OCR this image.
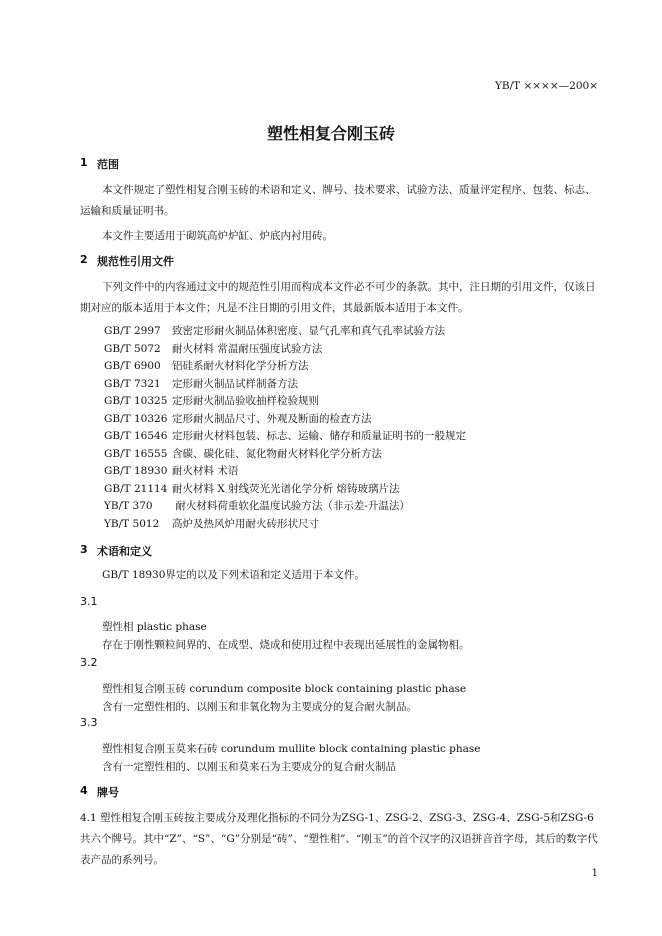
YB/T ××××—200×
塑性相复合刚玉砖
1 范围
本文件规定了塑性相复合刚玉砖的术语和定义、牌号、技术要求、试验方法、质量评定程序、包装、标志、运输和质量证明书。
本文件主要适用于砌筑高炉炉缸、炉底内衬用砖。
2 规范性引用文件
下列文件中的内容通过文中的规范性引用而构成本文件必不可少的条款。其中，注日期的引用文件，仅该日期对应的版本适用于本文件；凡是不注日期的引用文件，其最新版本适用于本文件。
GB/T 2997 致密定形耐火制品体积密度、显气孔率和真气孔率试验方法
GB/T 5072 耐火材料 常温耐压强度试验方法
GB/T 6900 铝硅系耐火材料化学分析方法
GB/T 7321 定形耐火制品试样制备方法
GB/T 10325 定形耐火制品验收抽样检验规则
GB/T 10326 定形耐火制品尺寸、外观及断面的检查方法
GB/T 16546 定形耐火材料包装、标志、运输、储存和质量证明书的一般规定
GB/T 16555 含碳、碳化硅、氮化物耐火材料化学分析方法
GB/T 18930 耐火材料 术语
GB/T 21114 耐火材料 X 射线荧光光谱化学分析 熔铸玻璃片法
YB/T 370 耐火材料荷重软化温度试验方法（非示差-升温法）
YB/T 5012 高炉及热风炉用耐火砖形状尺寸
3 术语和定义
GB/T 18930界定的以及下列术语和定义适用于本文件。
3.1
塑性相 plastic phase
存在于刚性颗粒间界的、在成型、烧成和使用过程中表现出延展性的金属物相。
3.2
塑性相复合刚玉砖 corundum composite block containing plastic phase
含有一定塑性相的、以刚玉和非氧化物为主要成分的复合耐火制品。
3.3
塑性相复合刚玉莫来石砖 corundum mullite block containing plastic phase
含有一定塑性相的、以刚玉和莫来石为主要成分的复合耐火制品
4 牌号
4.1 塑性相复合刚玉砖按主要成分及理化指标的不同分为ZSG-1、ZSG-2、ZSG-3、ZSG-4、ZSG-5和ZSG-6共六个牌号。其中“Z”、“S”、“G”分别是“砖”、“塑性相”、“刚玉”的首个汉字的汉语拼音首字母，其后的数字代表产品的系列号。
1
